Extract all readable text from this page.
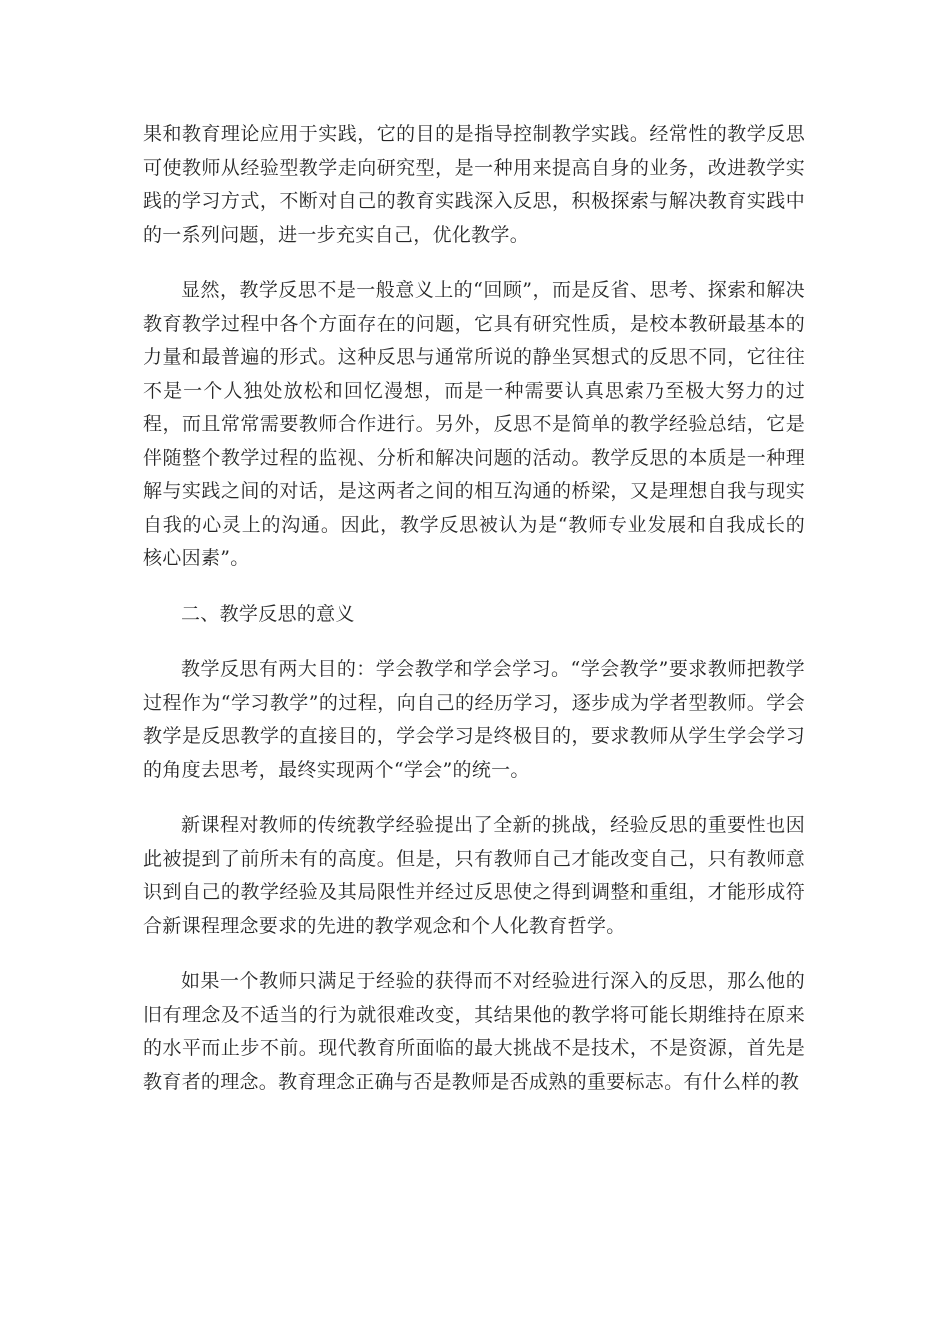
果和教育理论应用于实践，它的目的是指导控制教学实践。经常性的教学反思可使教师从经验型教学走向研究型，是一种用来提高自身的业务，改进教学实践的学习方式，不断对自己的教育实践深入反思，积极探索与解决教育实践中的一系列问题，进一步充实自己，优化教学。

显然，教学反思不是一般意义上的“回顾”，而是反省、思考、探索和解决教育教学过程中各个方面存在的问题，它具有研究性质，是校本教研最基本的力量和最普遍的形式。这种反思与通常所说的静坐冥想式的反思不同，它往往不是一个人独处放松和回忆漫想，而是一种需要认真思索乃至极大努力的过程，而且常常需要教师合作进行。另外，反思不是简单的教学经验总结，它是伴随整个教学过程的监视、分析和解决问题的活动。教学反思的本质是一种理解与实践之间的对话，是这两者之间的相互沟通的桥梁，又是理想自我与现实自我的心灵上的沟通。因此，教学反思被认为是“教师专业发展和自我成长的核心因素”。

二、教学反思的意义

教学反思有两大目的：学会教学和学会学习。“学会教学”要求教师把教学过程作为“学习教学”的过程，向自己的经历学习，逐步成为学者型教师。学会教学是反思教学的直接目的，学会学习是终极目的，要求教师从学生学会学习的角度去思考，最终实现两个“学会”的统一。

新课程对教师的传统教学经验提出了全新的挑战，经验反思的重要性也因此被提到了前所未有的高度。但是，只有教师自己才能改变自己，只有教师意识到自己的教学经验及其局限性并经过反思使之得到调整和重组，才能形成符合新课程理念要求的先进的教学观念和个人化教育哲学。

如果一个教师只满足于经验的获得而不对经验进行深入的反思，那么他的旧有理念及不适当的行为就很难改变，其结果他的教学将可能长期维持在原来的水平而止步不前。现代教育所面临的最大挑战不是技术，不是资源，首先是教育者的理念。教育理念正确与否是教师是否成熟的重要标志。有什么样的教
